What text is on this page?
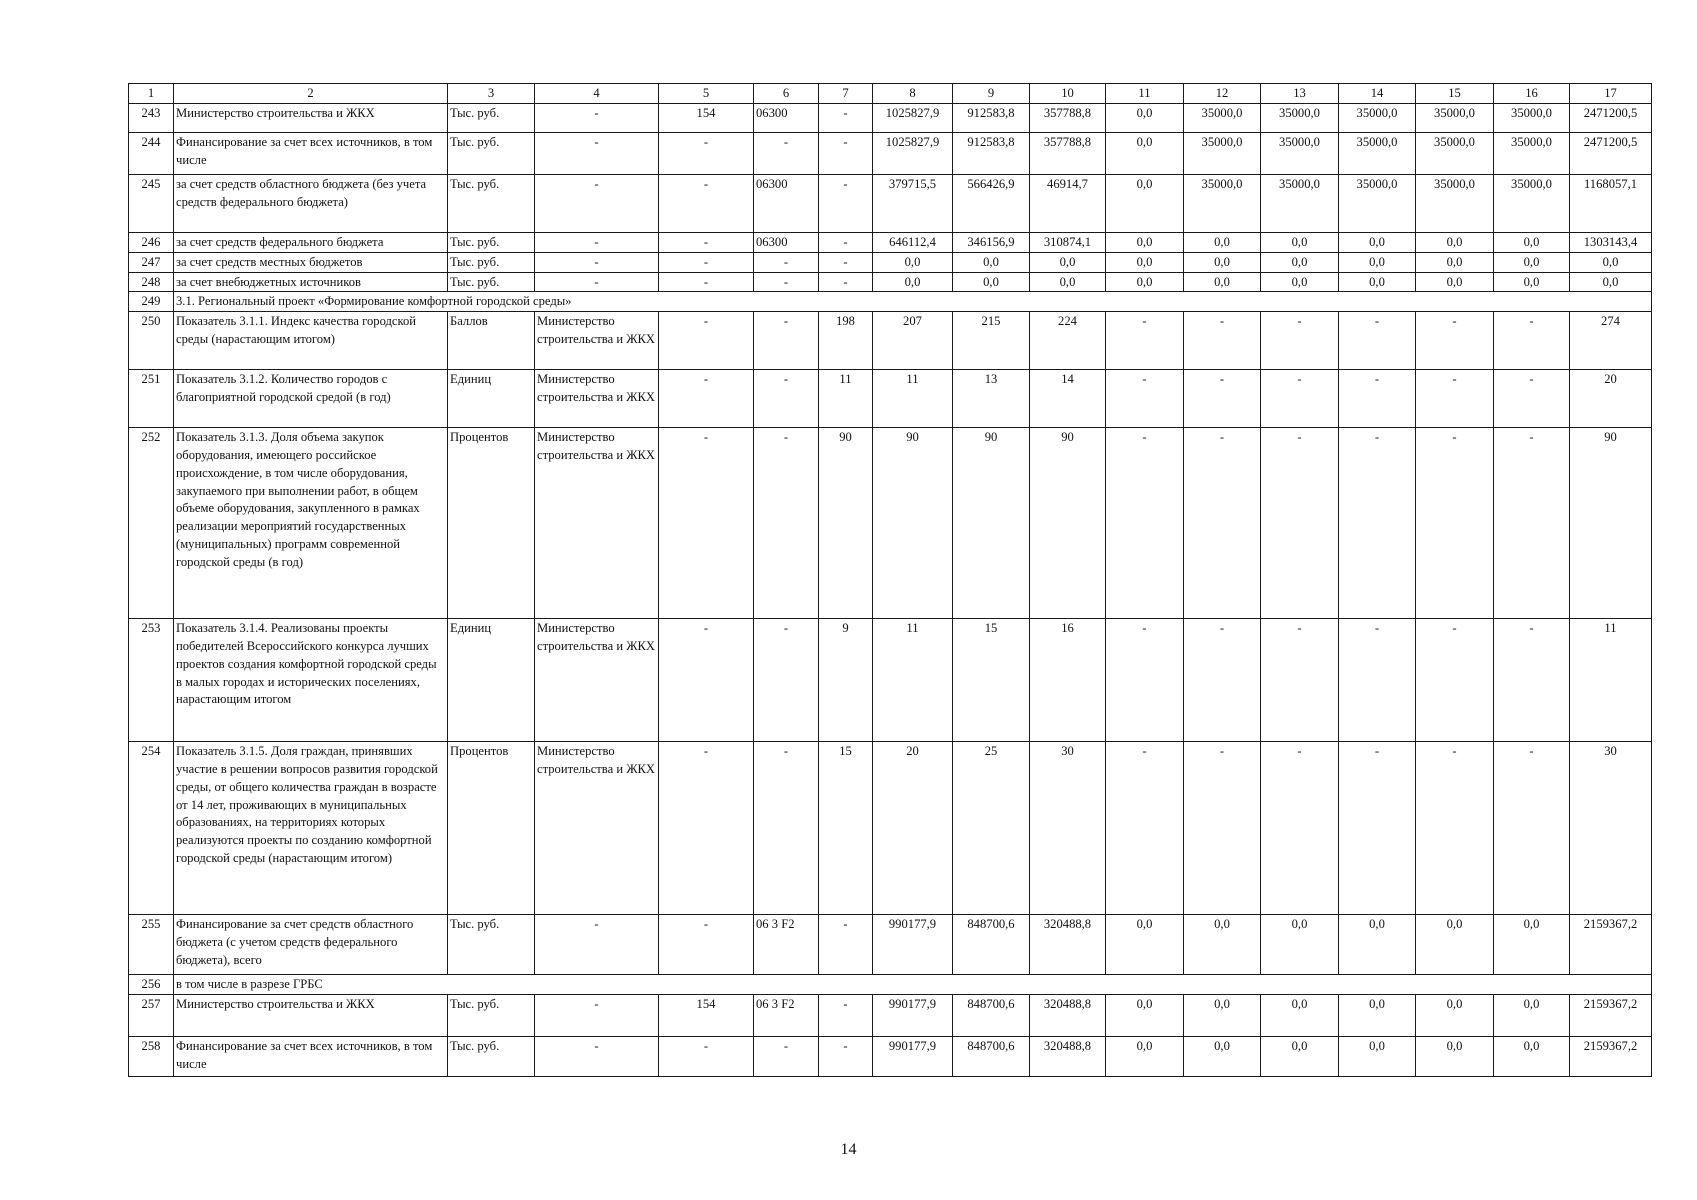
1	2	3	4	5	6	7	8	9	10	11	12	13	14	15	16	17
243	Министерство строительства и ЖКХ	Тыс. руб.	-	154	06300	-	1025827,9	912583,8	357788,8	0,0	35000,0	35000,0	35000,0	35000,0	35000,0	2471200,5
244	Финансирование за счет всех источников, в том числе	Тыс. руб.	-	-	-	-	1025827,9	912583,8	357788,8	0,0	35000,0	35000,0	35000,0	35000,0	35000,0	2471200,5
245	за счет средств областного бюджета (без учета средств федерального бюджета)	Тыс. руб.	-	-	06300	-	379715,5	566426,9	46914,7	0,0	35000,0	35000,0	35000,0	35000,0	35000,0	1168057,1
246	за счет средств федерального бюджета	Тыс. руб.	-	-	06300	-	646112,4	346156,9	310874,1	0,0	0,0	0,0	0,0	0,0	0,0	1303143,4
247	за счет средств местных бюджетов	Тыс. руб.	-	-	-	-	0,0	0,0	0,0	0,0	0,0	0,0	0,0	0,0	0,0	0,0
248	за счет внебюджетных источников	Тыс. руб.	-	-	-	-	0,0	0,0	0,0	0,0	0,0	0,0	0,0	0,0	0,0	0,0
249	3.1. Региональный проект «Формирование комфортной городской среды»															
250	Показатель 3.1.1. Индекс качества городской среды (нарастающим итогом)	Баллов	Министерство строительства и ЖКХ	-	-	198	207	215	224	-	-	-	-	-	-	274
251	Показатель 3.1.2. Количество городов с благоприятной городской средой (в год)	Единиц	Министерство строительства и ЖКХ	-	-	11	11	13	14	-	-	-	-	-	-	20
252	Показатель 3.1.3. Доля объема закупок оборудования, имеющего российское происхождение, в том числе оборудования, закупаемого при выполнении работ, в общем объеме оборудования, закупленного в рамках реализации мероприятий государственных (муниципальных) программ современной городской среды (в год)	Процентов	Министерство строительства и ЖКХ	-	-	90	90	90	90	-	-	-	-	-	-	90
253	Показатель 3.1.4. Реализованы проекты победителей Всероссийского конкурса лучших проектов создания комфортной городской среды в малых городах и исторических поселениях, нарастающим итогом	Единиц	Министерство строительства и ЖКХ	-	-	9	11	15	16	-	-	-	-	-	-	11
254	Показатель 3.1.5. Доля граждан, принявших участие в решении вопросов развития городской среды, от общего количества граждан в возрасте от 14 лет, проживающих в муниципальных образованиях, на территориях которых реализуются проекты по созданию комфортной городской среды (нарастающим итогом)	Процентов	Министерство строительства и ЖКХ	-	-	15	20	25	30	-	-	-	-	-	-	30
255	Финансирование за счет средств областного бюджета (с учетом средств федерального бюджета), всего	Тыс. руб.	-	-	06 3 F2	-	990177,9	848700,6	320488,8	0,0	0,0	0,0	0,0	0,0	0,0	2159367,2
256	в том числе в разрезе ГРБС															
257	Министерство строительства и ЖКХ	Тыс. руб.	-	154	06 3 F2	-	990177,9	848700,6	320488,8	0,0	0,0	0,0	0,0	0,0	0,0	2159367,2
258	Финансирование за счет всех источников, в том числе	Тыс. руб.	-	-	-	-	990177,9	848700,6	320488,8	0,0	0,0	0,0	0,0	0,0	0,0	2159367,2
14
